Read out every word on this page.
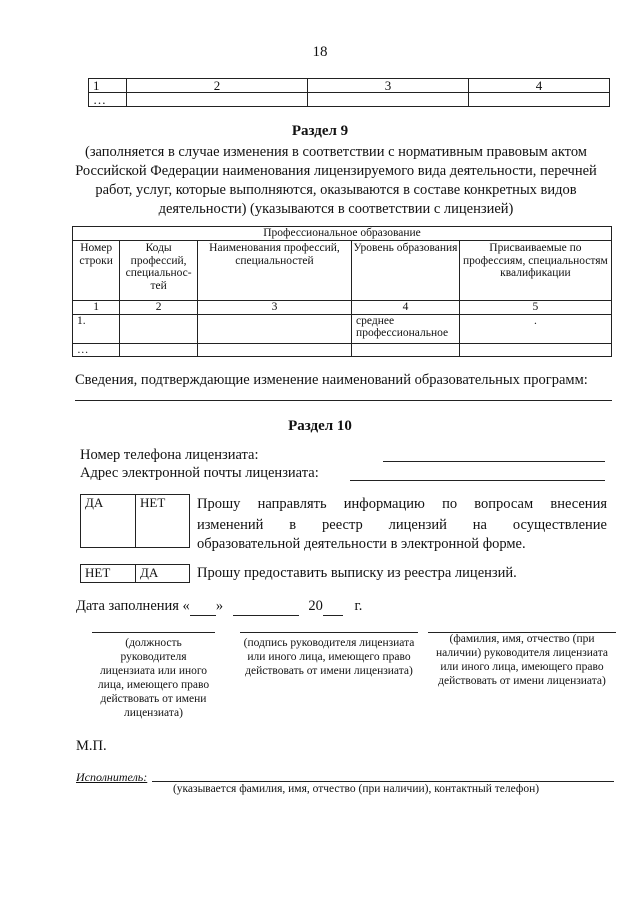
18
1	2	3	4
…			
Раздел 9
(заполняется в случае изменения в соответствии с нормативным правовым актом Российской Федерации наименования лицензируемого вида деятельности, перечней работ, услуг, которые выполняются, оказываются в составе конкретных видов деятельности) (указываются в соответствии с лицензией)
Профессиональное образование				
Номер строки	Коды профессий, специальнос-тей	Наименования профессий, специальностей	Уровень образования	Присваиваемые по профессиям, специальностям квалификации
1	2	3	4	5
1.			среднее профессиональное	.
…				
Сведения, подтверждающие изменение наименований образовательных программ:
Раздел 10
Номер телефона лицензиата:
Адрес электронной почты лицензиата:
ДА	НЕТ	Прошу направлять информацию по вопросам внесения изменений в реестр лицензий на осуществление
образовательной деятельности в электронной форме.
НЕТ	ДА	Прошу предоставить выписку из реестра лицензий.
Дата заполнения « »	20 г.
(должность руководителя лицензиата или иного лица, имеющего право действовать от имени лицензиата)
(подпись руководителя лицензиата или иного лица, имеющего право действовать от имени лицензиата)
(фамилия, имя, отчество (при наличии) руководителя лицензиата или иного лица, имеющего право действовать от имени лицензиата)
М.П.
Исполнитель:
(указывается фамилия, имя, отчество (при наличии), контактный телефон)
